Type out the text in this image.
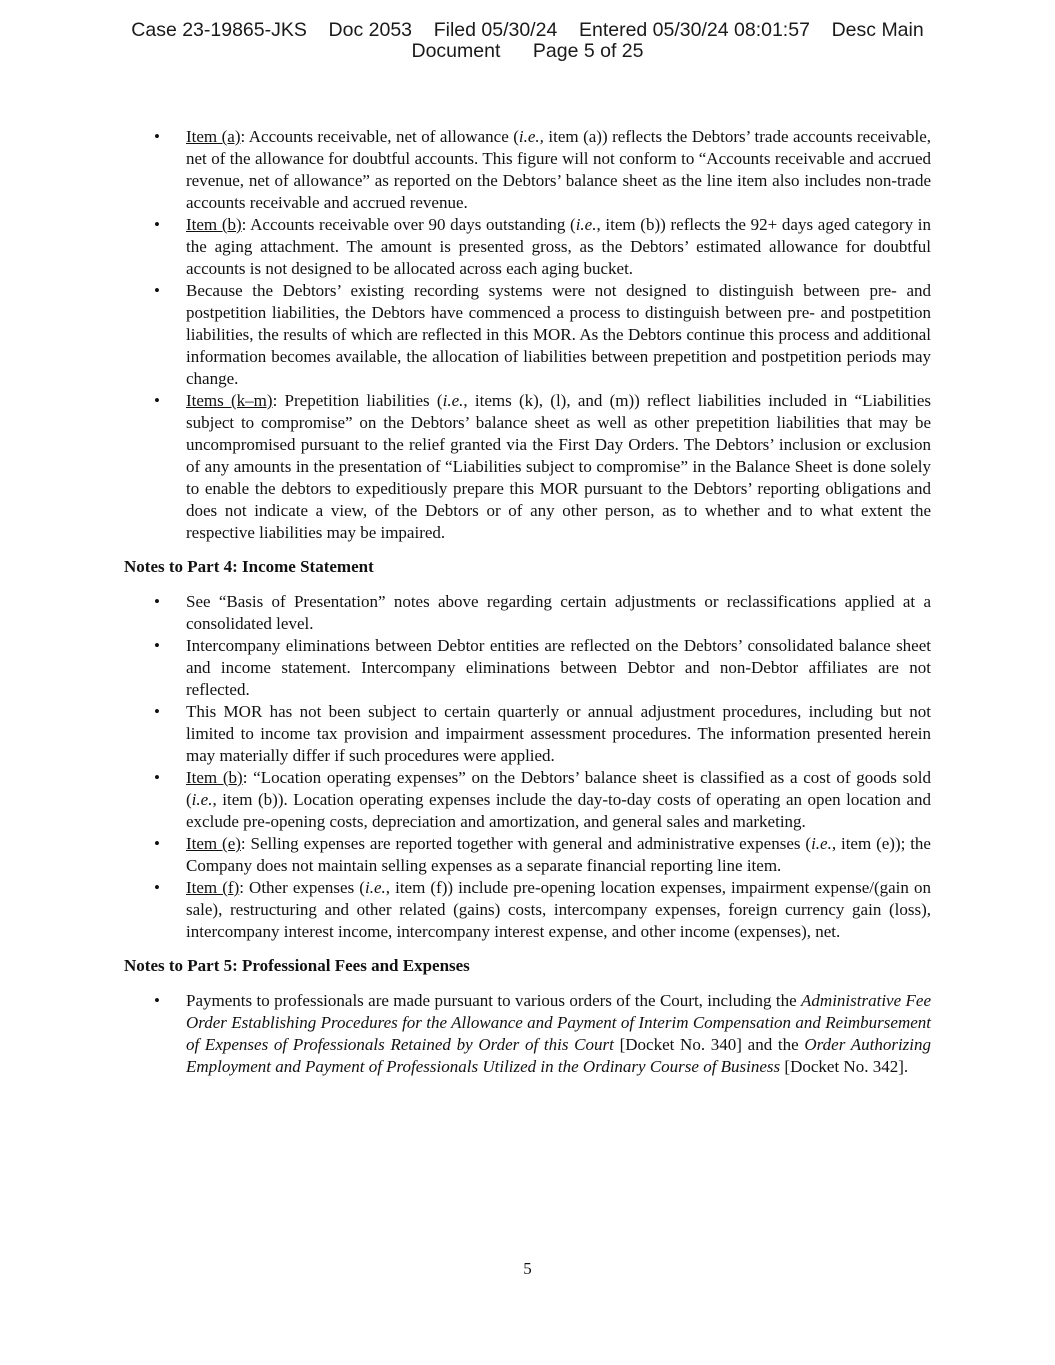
Case 23-19865-JKS Doc 2053 Filed 05/30/24 Entered 05/30/24 08:01:57 Desc Main
Document Page 5 of 25
• Item (a): Accounts receivable, net of allowance (i.e., item (a)) reflects the Debtors’ trade accounts receivable, net of the allowance for doubtful accounts. This figure will not conform to “Accounts receivable and accrued revenue, net of allowance” as reported on the Debtors’ balance sheet as the line item also includes non-trade accounts receivable and accrued revenue.
• Item (b): Accounts receivable over 90 days outstanding (i.e., item (b)) reflects the 92+ days aged category in the aging attachment. The amount is presented gross, as the Debtors’ estimated allowance for doubtful accounts is not designed to be allocated across each aging bucket.
• Because the Debtors’ existing recording systems were not designed to distinguish between pre- and postpetition liabilities, the Debtors have commenced a process to distinguish between pre- and postpetition liabilities, the results of which are reflected in this MOR. As the Debtors continue this process and additional information becomes available, the allocation of liabilities between prepetition and postpetition periods may change.
• Items (k–m): Prepetition liabilities (i.e., items (k), (l), and (m)) reflect liabilities included in “Liabilities subject to compromise” on the Debtors’ balance sheet as well as other prepetition liabilities that may be uncompromised pursuant to the relief granted via the First Day Orders. The Debtors’ inclusion or exclusion of any amounts in the presentation of “Liabilities subject to compromise” in the Balance Sheet is done solely to enable the debtors to expeditiously prepare this MOR pursuant to the Debtors’ reporting obligations and does not indicate a view, of the Debtors or of any other person, as to whether and to what extent the respective liabilities may be impaired.
Notes to Part 4: Income Statement
• See “Basis of Presentation” notes above regarding certain adjustments or reclassifications applied at a consolidated level.
• Intercompany eliminations between Debtor entities are reflected on the Debtors’ consolidated balance sheet and income statement. Intercompany eliminations between Debtor and non-Debtor affiliates are not reflected.
• This MOR has not been subject to certain quarterly or annual adjustment procedures, including but not limited to income tax provision and impairment assessment procedures. The information presented herein may materially differ if such procedures were applied.
• Item (b): “Location operating expenses” on the Debtors’ balance sheet is classified as a cost of goods sold (i.e., item (b)). Location operating expenses include the day-to-day costs of operating an open location and exclude pre-opening costs, depreciation and amortization, and general sales and marketing.
• Item (e): Selling expenses are reported together with general and administrative expenses (i.e., item (e)); the Company does not maintain selling expenses as a separate financial reporting line item.
• Item (f): Other expenses (i.e., item (f)) include pre-opening location expenses, impairment expense/(gain on sale), restructuring and other related (gains) costs, intercompany expenses, foreign currency gain (loss), intercompany interest income, intercompany interest expense, and other income (expenses), net.
Notes to Part 5: Professional Fees and Expenses
• Payments to professionals are made pursuant to various orders of the Court, including the Administrative Fee Order Establishing Procedures for the Allowance and Payment of Interim Compensation and Reimbursement of Expenses of Professionals Retained by Order of this Court [Docket No. 340] and the Order Authorizing Employment and Payment of Professionals Utilized in the Ordinary Course of Business [Docket No. 342].
5
